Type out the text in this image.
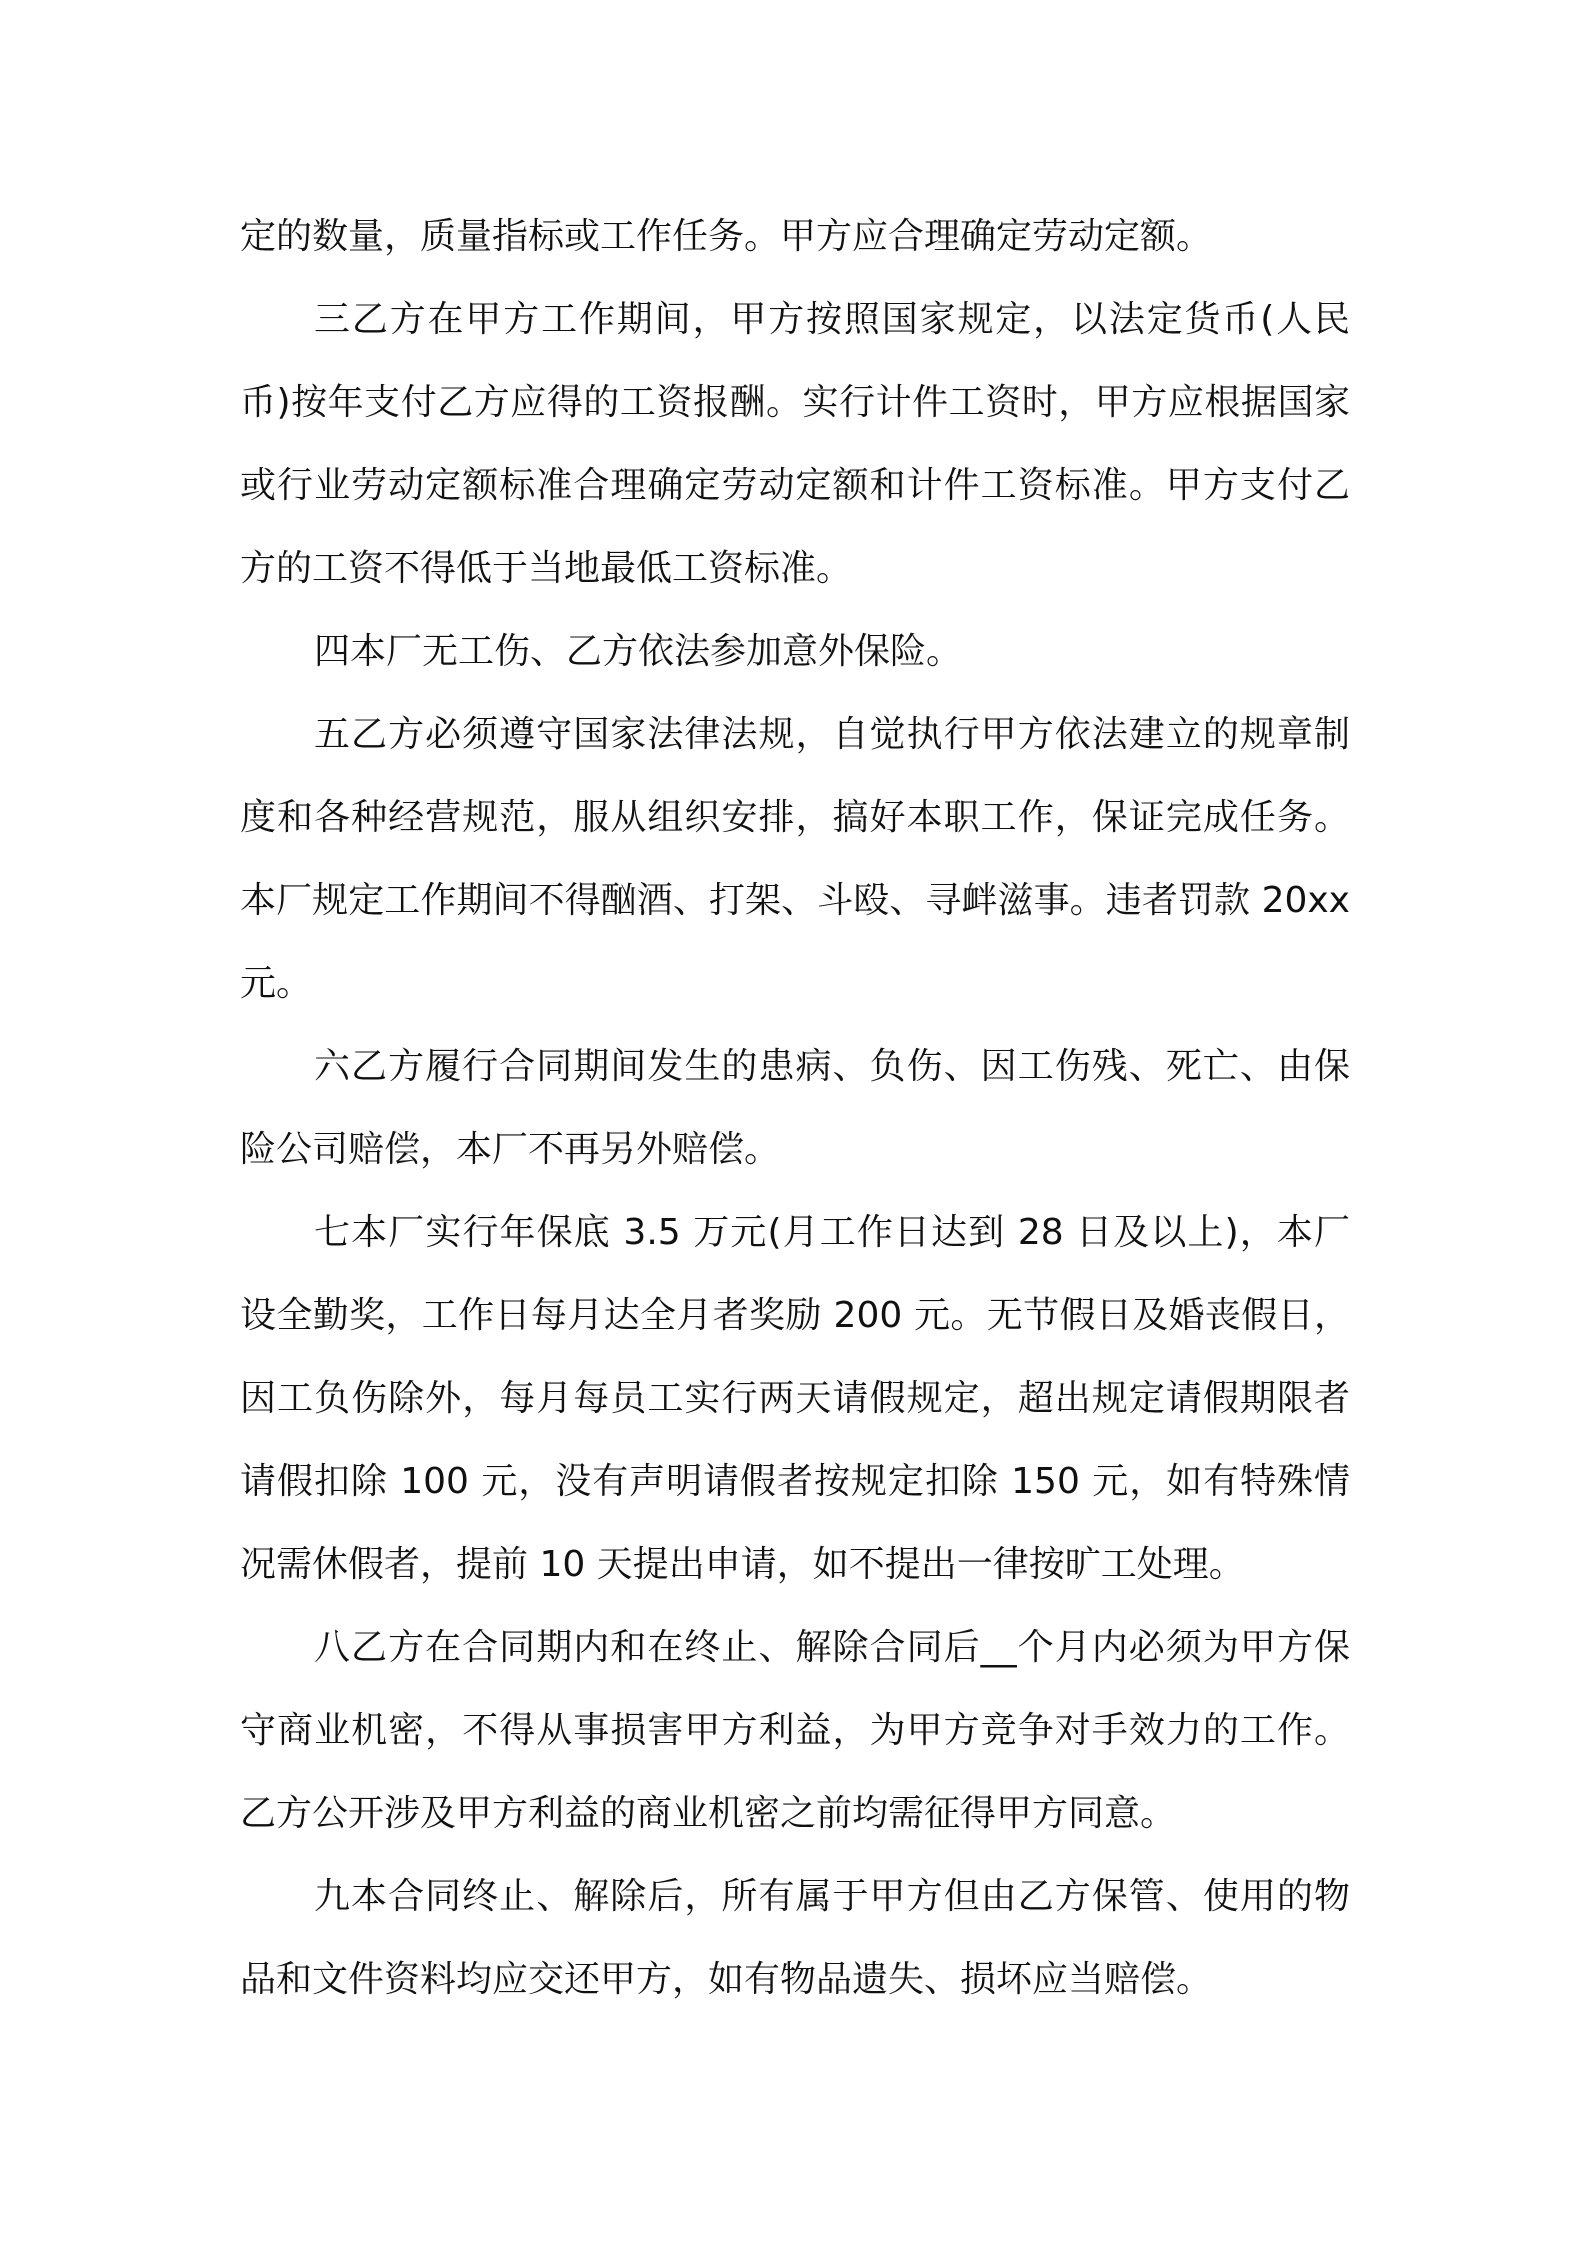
定的数量，质量指标或工作任务。甲方应合理确定劳动定额。

三乙方在甲方工作期间，甲方按照国家规定，以法定货币(人民币)按年支付乙方应得的工资报酬。实行计件工资时，甲方应根据国家或行业劳动定额标准合理确定劳动定额和计件工资标准。甲方支付乙方的工资不得低于当地最低工资标准。

四本厂无工伤、乙方依法参加意外保险。

五乙方必须遵守国家法律法规，自觉执行甲方依法建立的规章制度和各种经营规范，服从组织安排，搞好本职工作，保证完成任务。本厂规定工作期间不得酗酒、打架、斗殴、寻衅滋事。违者罚款 20xx 元。

六乙方履行合同期间发生的患病、负伤、因工伤残、死亡、由保险公司赔偿，本厂不再另外赔偿。

七本厂实行年保底 3.5 万元(月工作日达到 28 日及以上)，本厂设全勤奖，工作日每月达全月者奖励 200 元。无节假日及婚丧假日，因工负伤除外，每月每员工实行两天请假规定，超出规定请假期限者请假扣除 100 元，没有声明请假者按规定扣除 150 元，如有特殊情况需休假者，提前 10 天提出申请，如不提出一律按旷工处理。

八乙方在合同期内和在终止、解除合同后__个月内必须为甲方保守商业机密，不得从事损害甲方利益，为甲方竞争对手效力的工作。乙方公开涉及甲方利益的商业机密之前均需征得甲方同意。

九本合同终止、解除后，所有属于甲方但由乙方保管、使用的物品和文件资料均应交还甲方，如有物品遗失、损坏应当赔偿。
